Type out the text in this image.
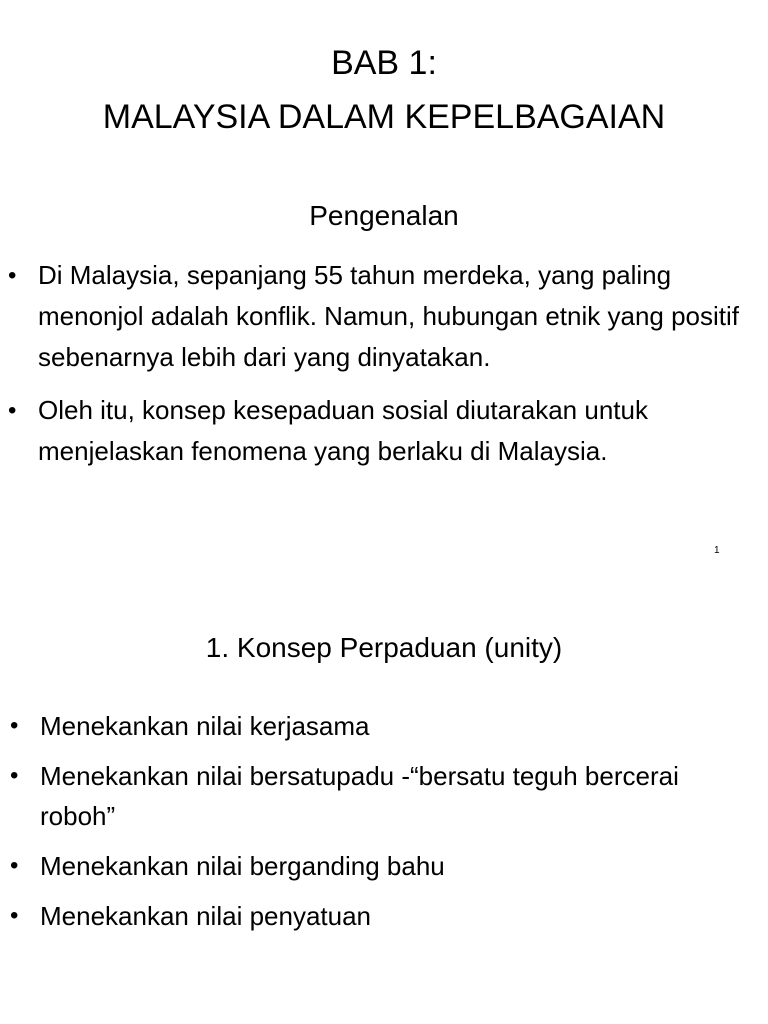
BAB 1:
MALAYSIA DALAM KEPELBAGAIAN
Pengenalan
• Di Malaysia, sepanjang 55 tahun merdeka, yang paling menonjol adalah konflik. Namun, hubungan etnik yang positif sebenarnya lebih dari yang dinyatakan.
• Oleh itu, konsep kesepaduan sosial diutarakan untuk menjelaskan fenomena yang berlaku di Malaysia.
1
1. Konsep Perpaduan (unity)
• Menekankan nilai kerjasama
• Menekankan nilai bersatupadu -“bersatu teguh bercerai roboh”
• Menekankan nilai berganding bahu
• Menekankan nilai penyatuan
